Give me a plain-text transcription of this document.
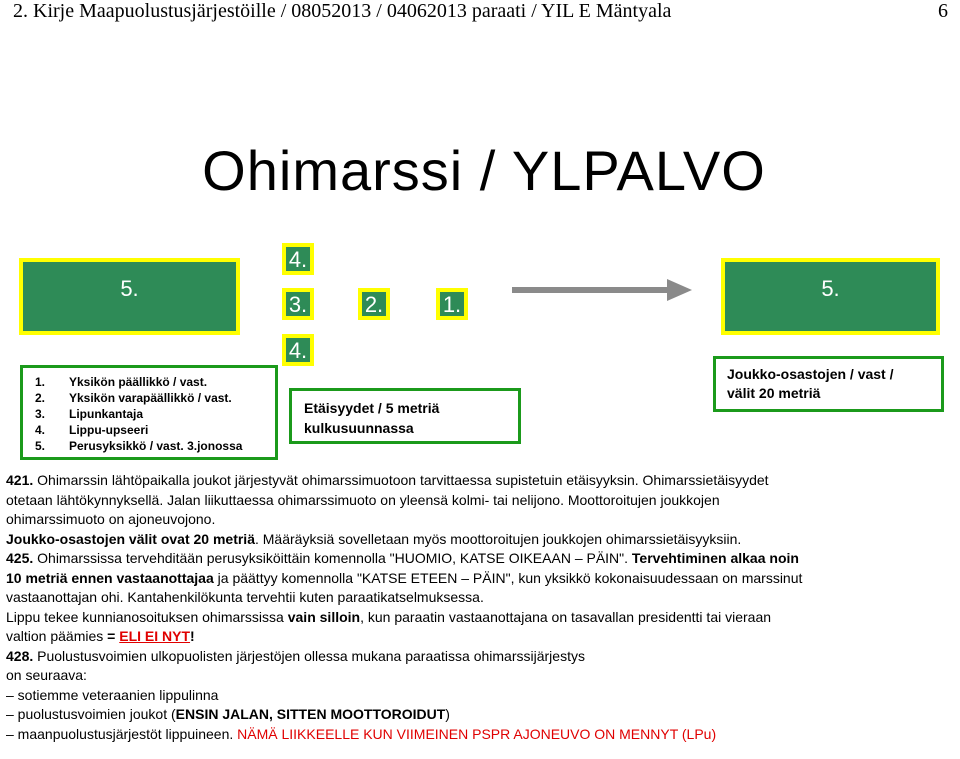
2. Kirje Maapuolustusjärjestöille / 08052013 / 04062013 paraati / YIL E Mäntyala	6
Ohimarssi / YLPALVO
5.	5.
4.
3.
4.
2.	1.
1. Yksikön päällikkö / vast.
2. Yksikön varapäällikkö / vast.
3. Lipunkantaja
4. Lippu-upseeri
5. Perusyksikkö / vast. 3.jonossa
Etäisyydet / 5 metriä
kulkusuunnassa
Joukko-osastojen / vast /
välit 20 metriä
421. Ohimarssin lähtöpaikalla joukot järjestyvät ohimarssimuotoon tarvittaessa supistetuin etäisyyksin. Ohimarssietäisyydet
otetaan lähtökynnyksellä. Jalan liikuttaessa ohimarssimuoto on yleensä kolmi- tai nelijono. Moottoroitujen joukkojen
ohimarssimuoto on ajoneuvojono.
Joukko-osastojen välit ovat 20 metriä. Määräyksiä sovelletaan myös moottoroitujen joukkojen ohimarssietäisyyksiin.
425. Ohimarssissa tervehditään perusyksiköittäin komennolla "HUOMIO, KATSE OIKEAAN – PÄIN". Tervehtiminen alkaa noin
10 metriä ennen vastaanottajaa ja päättyy komennolla "KATSE ETEEN – PÄIN", kun yksikkö kokonaisuudessaan on marssinut
vastaanottajan ohi. Kantahenkilökunta tervehtii kuten paraatikatselmuksessa.
Lippu tekee kunnianosoituksen ohimarssissa vain silloin, kun paraatin vastaanottajana on tasavallan presidentti tai vieraan
valtion päämies = ELI EI NYT!
428. Puolustusvoimien ulkopuolisten järjestöjen ollessa mukana paraatissa ohimarssijärjestys
on seuraava:
– sotiemme veteraanien lippulinna
– puolustusvoimien joukot (ENSIN JALAN, SITTEN MOOTTOROIDUT)
– maanpuolustusjärjestöt lippuineen. NÄMÄ LIIKKEELLE KUN VIIMEINEN PSPR AJONEUVO ON MENNYT (LPu)
